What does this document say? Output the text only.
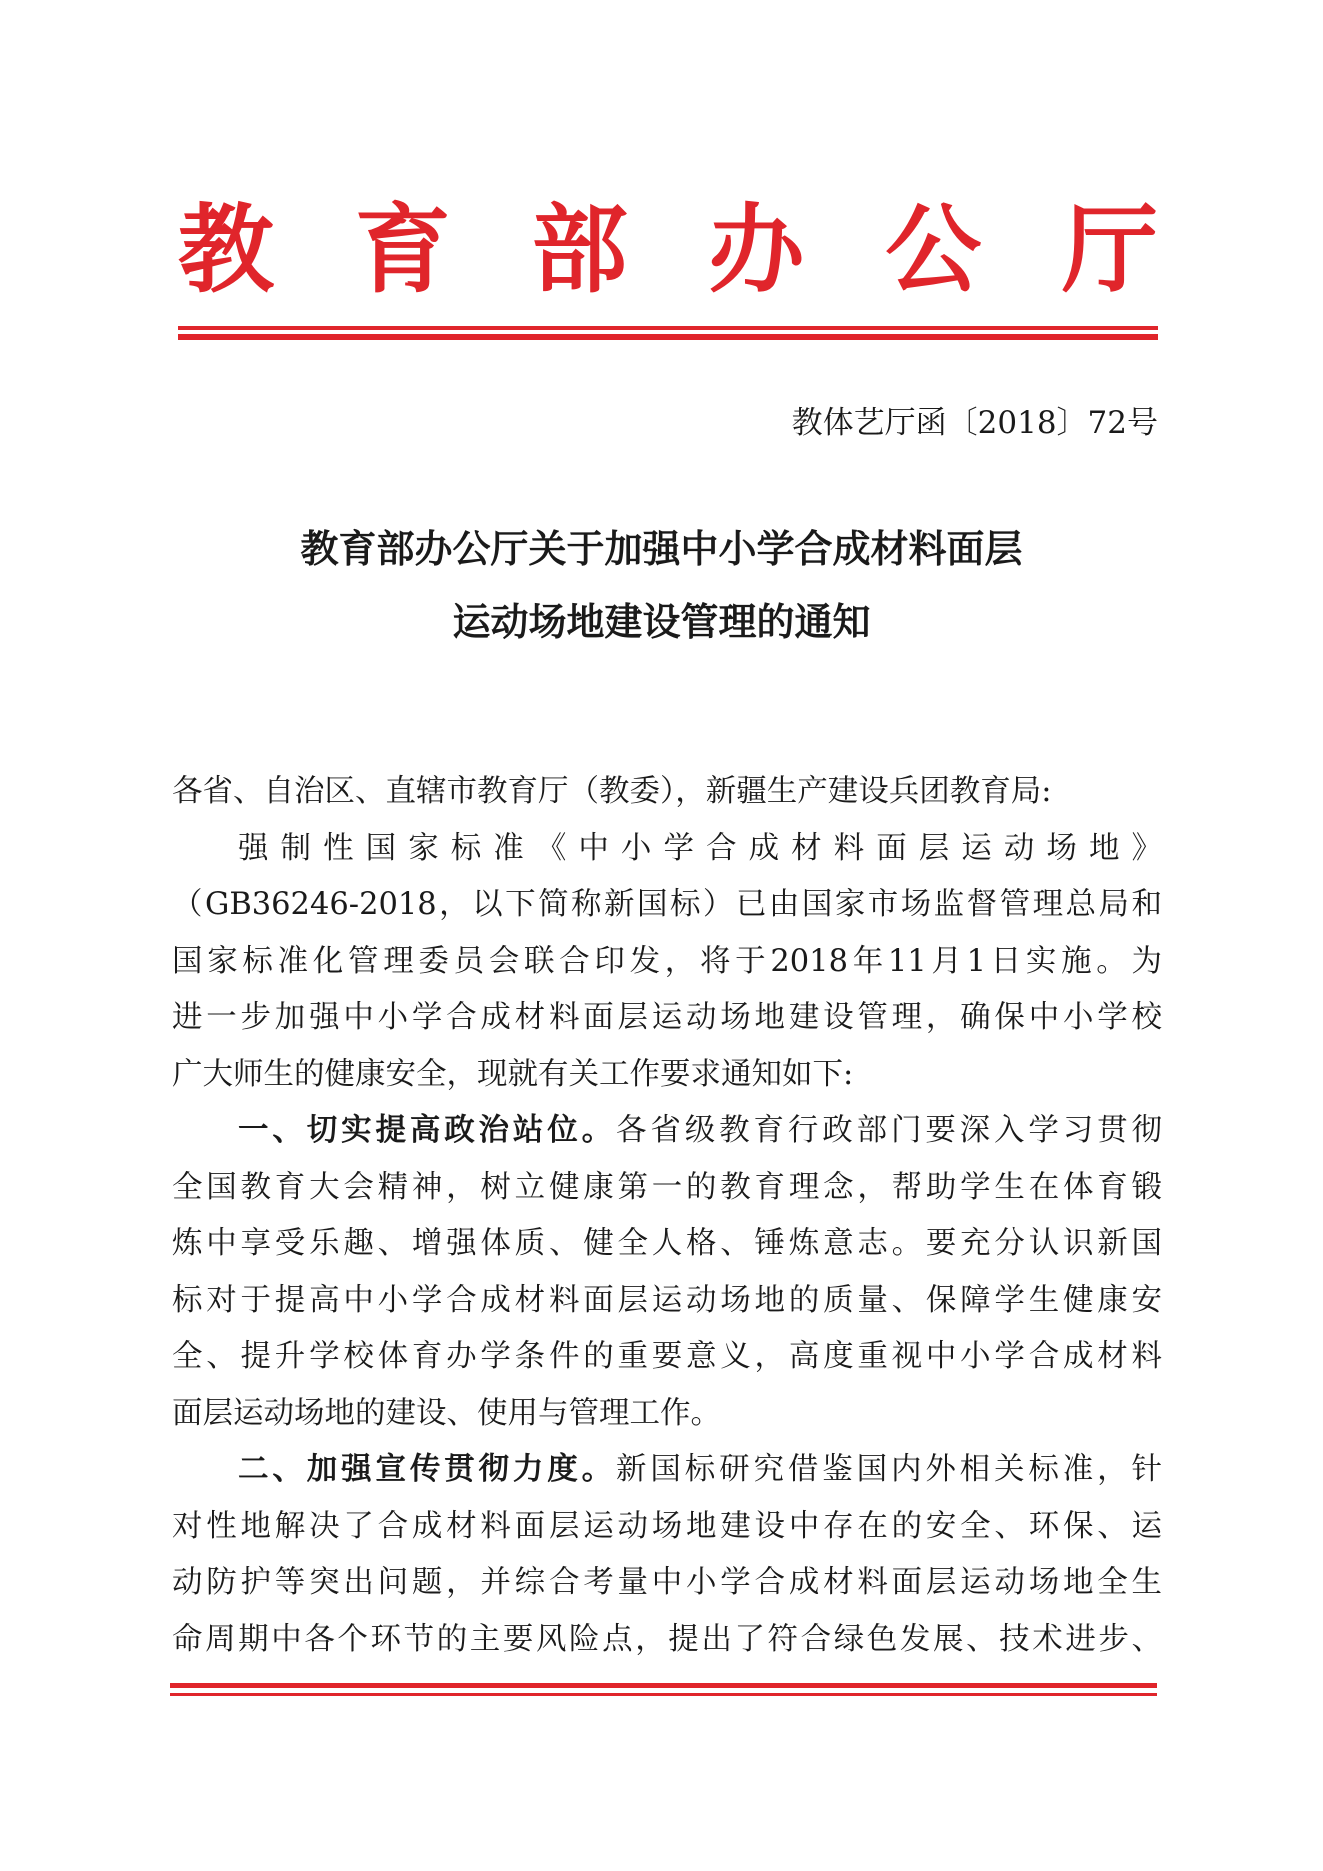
教 育 部 办 公 厅
教体艺厅函〔2018〕72号
教育部办公厅关于加强中小学合成材料面层
运动场地建设管理的通知
各省、自治区、直辖市教育厅（教委），新疆生产建设兵团教育局:
强制性国家标准《中小学合成材料面层运动场地》
（GB36246-2018，以下简称新国标）已由国家市场监督管理总局和
国家标准化管理委员会联合印发，将于2018年11月1日实施。为
进一步加强中小学合成材料面层运动场地建设管理，确保中小学校
广大师生的健康安全，现就有关工作要求通知如下:
一、切实提高政治站位。各省级教育行政部门要深入学习贯彻
全国教育大会精神，树立健康第一的教育理念，帮助学生在体育锻
炼中享受乐趣、增强体质、健全人格、锤炼意志。要充分认识新国
标对于提高中小学合成材料面层运动场地的质量、保障学生健康安
全、提升学校体育办学条件的重要意义，高度重视中小学合成材料
面层运动场地的建设、使用与管理工作。
二、加强宣传贯彻力度。新国标研究借鉴国内外相关标准，针
对性地解决了合成材料面层运动场地建设中存在的安全、环保、运
动防护等突出问题，并综合考量中小学合成材料面层运动场地全生
命周期中各个环节的主要风险点，提出了符合绿色发展、技术进步、
